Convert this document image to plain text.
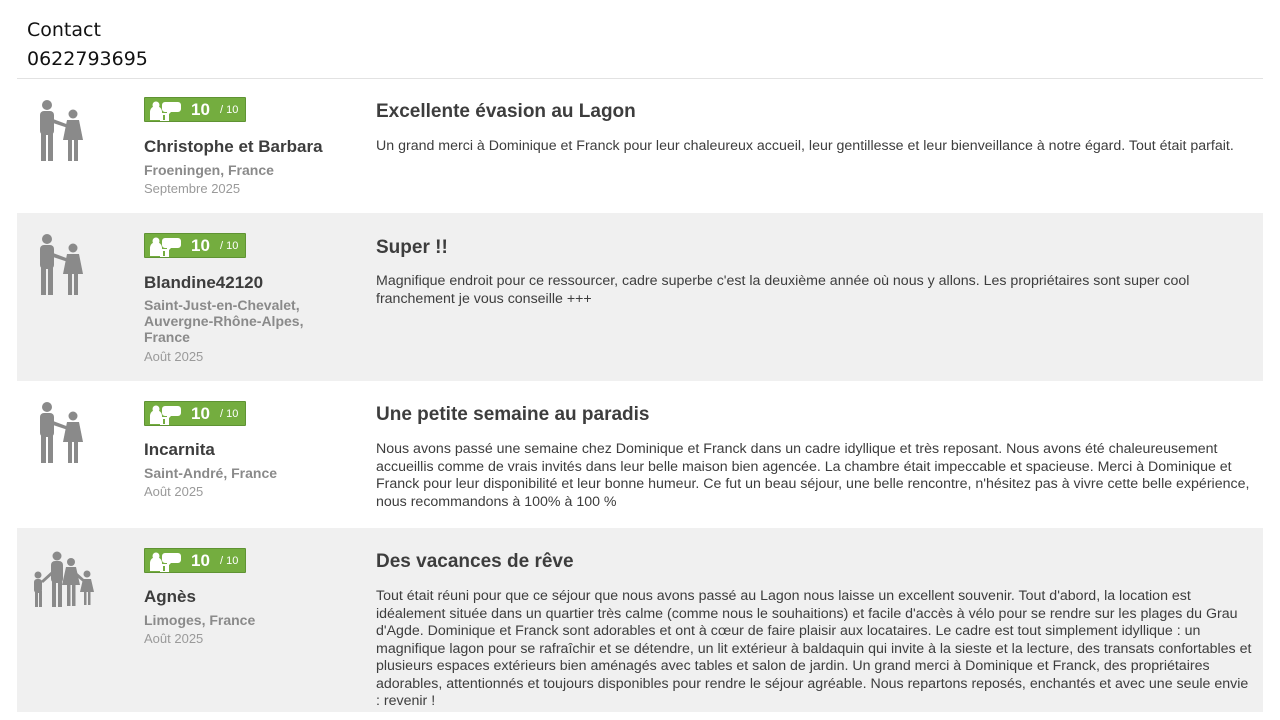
Contact
0622793695
10 / 10
Christophe et Barbara
Froeningen, France
Septembre 2025
Excellente évasion au Lagon
Un grand merci à Dominique et Franck pour leur chaleureux accueil, leur gentillesse et leur bienveillance à notre égard. Tout était parfait.
10 / 10
Blandine42120
Saint-Just-en-Chevalet, Auvergne-Rhône-Alpes, France
Août 2025
Super !!
Magnifique endroit pour ce ressourcer, cadre superbe c'est la deuxième année où nous y allons. Les propriétaires sont super cool franchement je vous conseille +++
10 / 10
Incarnita
Saint-André, France
Août 2025
Une petite semaine au paradis
Nous avons passé une semaine chez Dominique et Franck dans un cadre idyllique et très reposant. Nous avons été chaleureusement accueillis comme de vrais invités dans leur belle maison bien agencée. La chambre était impeccable et spacieuse. Merci à Dominique et Franck pour leur disponibilité et leur bonne humeur. Ce fut un beau séjour, une belle rencontre, n'hésitez pas à vivre cette belle expérience, nous recommandons à 100% à 100 %
10 / 10
Agnès
Limoges, France
Août 2025
Des vacances de rêve
Tout était réuni pour que ce séjour que nous avons passé au Lagon nous laisse un excellent souvenir. Tout d'abord, la location est idéalement située dans un quartier très calme (comme nous le souhaitions) et facile d'accès à vélo pour se rendre sur les plages du Grau d'Agde. Dominique et Franck sont adorables et ont à cœur de faire plaisir aux locataires. Le cadre est tout simplement idyllique : un magnifique lagon pour se rafraîchir et se détendre, un lit extérieur à baldaquin qui invite à la sieste et la lecture, des transats confortables et plusieurs espaces extérieurs bien aménagés avec tables et salon de jardin. Un grand merci à Dominique et Franck, des propriétaires adorables, attentionnés et toujours disponibles pour rendre le séjour agréable. Nous repartons reposés, enchantés et avec une seule envie : revenir !
